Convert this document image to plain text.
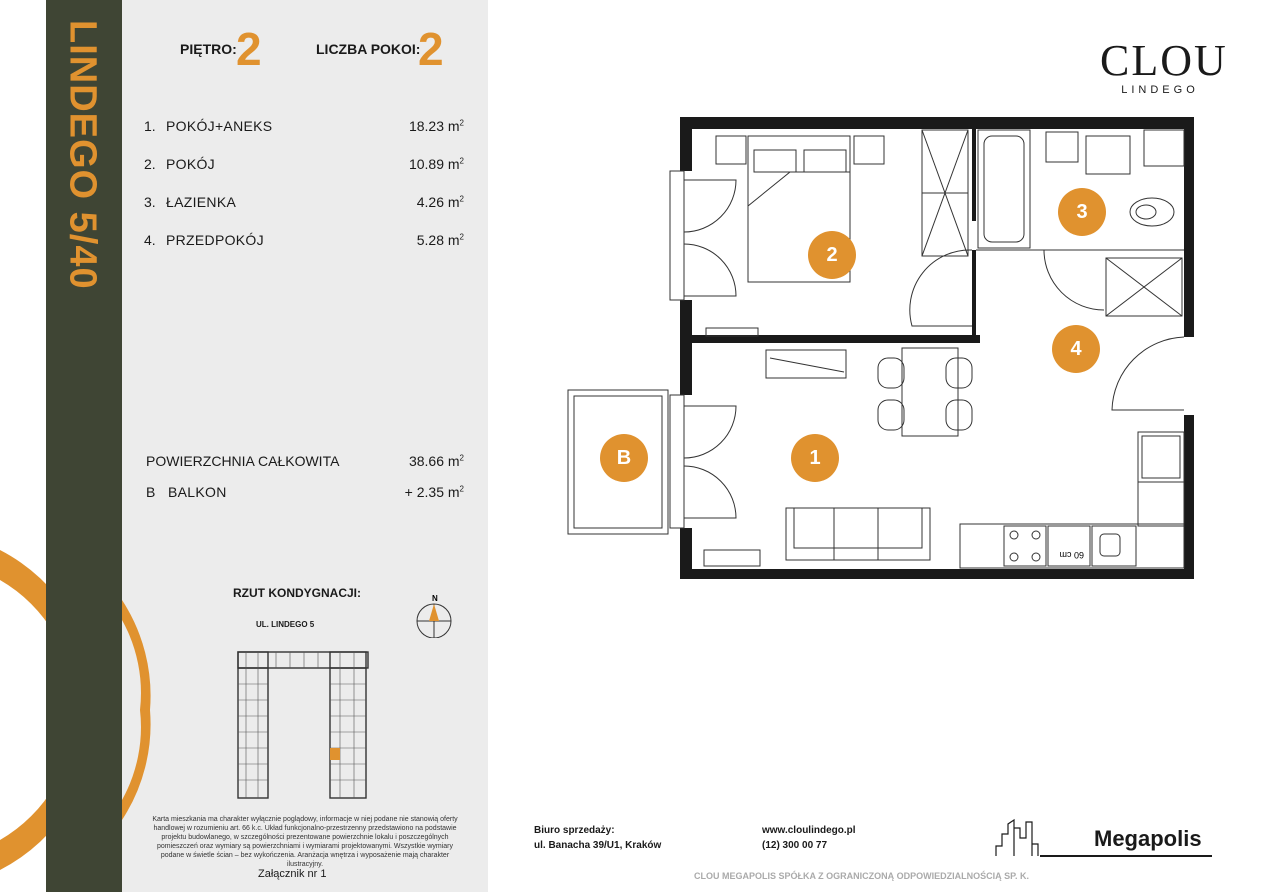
LINDEGO 5/40	PIĘTRO: 2	LICZBA POKOI:
2
1. POKÓJ+ANEKS	18.23 $m^2$
2. POKÓJ	10.89 $m^2$
3. ŁAZIENKA	4.26 $m^2$
4. PRZEDPOKÓJ	5.28 $m^2$
POWIERZCHNIA CAŁKOWITA	38.66 $m^2$
B BALKON	+ 2.35 $m^2$
RZUT KONDYGNACJI:
UL. LINDEGO 5
N
Karta mieszkania ma charakter wyłącznie poglądowy, informacje w niej podane nie stanowią oferty handlowej w rozumieniu art. 66 k.c. Układ funkcjonalno-przestrzenny przedstawiono na podstawie projektu budowlanego, w szczególności prezentowane powierzchnie lokalu i poszczególnych pomieszczeń oraz wymiary są powierzchniami i wymiarami projektowanymi. Wszystkie wymiary podane w świetle ścian – bez wykończenia. Aranżacja wnętrza i wyposażenie mają charakter ilustracyjny.
Załącznik nr 1
CLOU
LINDEGO
60 cm
2
3
4
1
B
Biuro sprzedaży:
ul. Banacha 39/U1, Kraków
www.cloulindego.pl
(12) 300 00 77
CLOU MEGAPOLIS SPÓŁKA Z OGRANICZONĄ ODPOWIEDZIALNOŚCIĄ SP. K.
Megapolis
